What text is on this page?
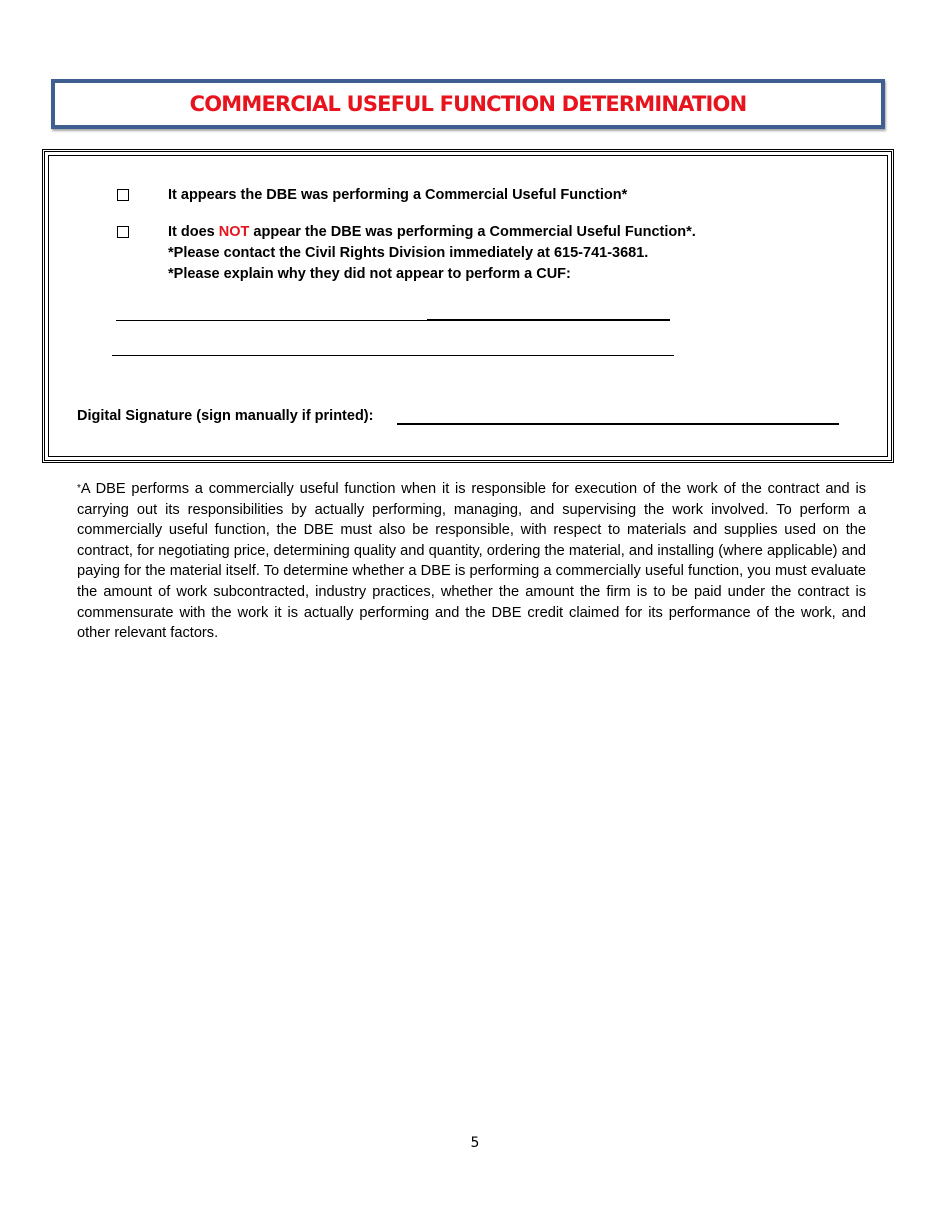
COMMERCIAL USEFUL FUNCTION DETERMINATION
It appears the DBE was performing a Commercial Useful Function*
It does NOT appear the DBE was performing a Commercial Useful Function*.
*Please contact the Civil Rights Division immediately at 615-741-3681.
*Please explain why they did not appear to perform a CUF:
Digital Signature (sign manually if printed):
*A DBE performs a commercially useful function when it is responsible for execution of the work of the contract and is carrying out its responsibilities by actually performing, managing, and supervising the work involved. To perform a commercially useful function, the DBE must also be responsible, with respect to materials and supplies used on the contract, for negotiating price, determining quality and quantity, ordering the material, and installing (where applicable) and paying for the material itself. To determine whether a DBE is performing a commercially useful function, you must evaluate the amount of work subcontracted, industry practices, whether the amount the firm is to be paid under the contract is commensurate with the work it is actually performing and the DBE credit claimed for its performance of the work, and other relevant factors.
5
